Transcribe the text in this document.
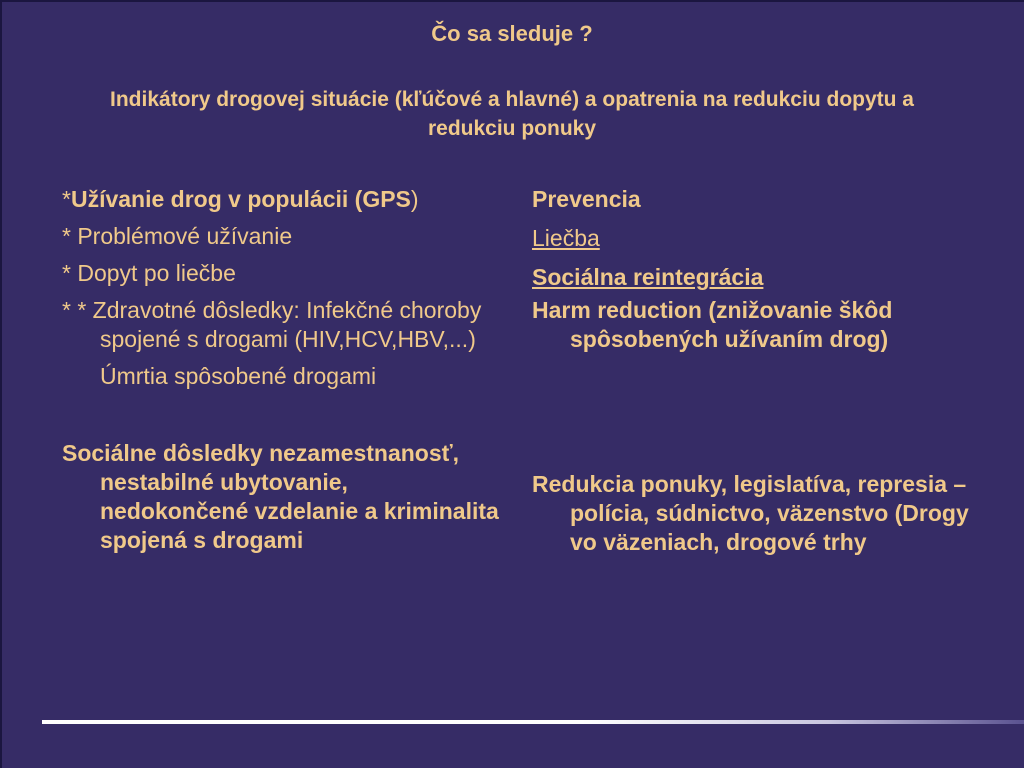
Čo sa sleduje ?
Indikátory drogovej situácie (kľúčové a hlavné) a opatrenia na redukciu dopytu a redukciu ponuky
*Užívanie drog v populácii (GPS)
* Problémové užívanie
* Dopyt po liečbe
* * Zdravotné dôsledky: Infekčné choroby spojené s drogami (HIV,HCV,HBV,...)
Úmrtia spôsobené drogami
Sociálne dôsledky nezamestnanosť, nestabilné ubytovanie, nedokončené vzdelanie a kriminalita spojená s drogami
Prevencia
Liečba
Sociálna reintegrácia
Harm reduction (znižovanie škôd spôsobených užívaním drog)
Redukcia ponuky, legislatíva, represia – polícia, súdnictvo, väzenstvo (Drogy vo väzeniach, drogové trhy
